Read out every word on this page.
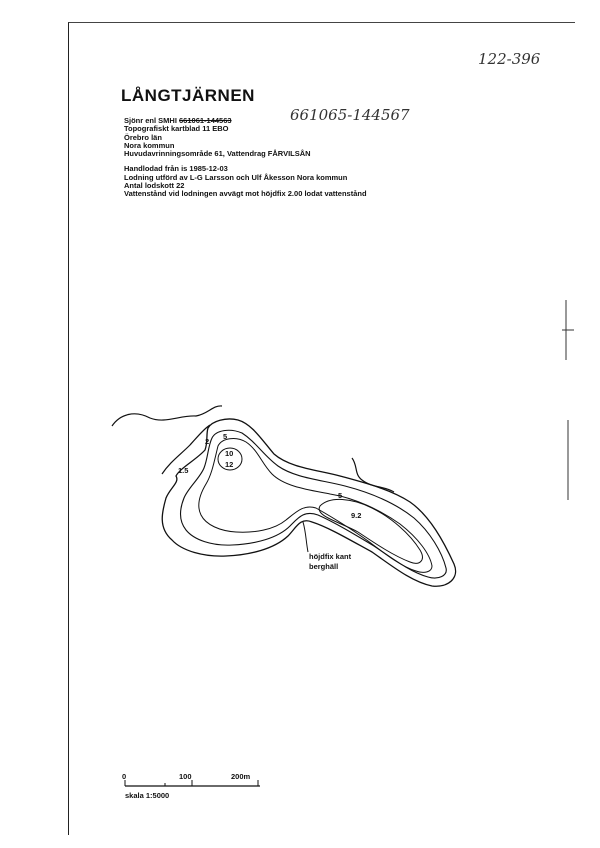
122-396
LÅNGTJÄRNEN
661065-144567
Sjönr enl SMHI 661061-144563
Topografiskt kartblad 11 EBO
Örebro län
Nora kommun
Huvudavrinningsområde 61, Vattendrag FÅRVILSÅN
Handlodad från is 1985-12-03
Lodning utförd av L-G Larsson och Ulf Åkesson Nora kommun
Antal lodskott 22
Vattenstånd vid lodningen avvägt mot höjdfix 2.00 lodat vattenstånd
2
5
10
12
1.5
5
9.2
höjdfix kant
berghäll
0	100	200m
skala 1:5000
